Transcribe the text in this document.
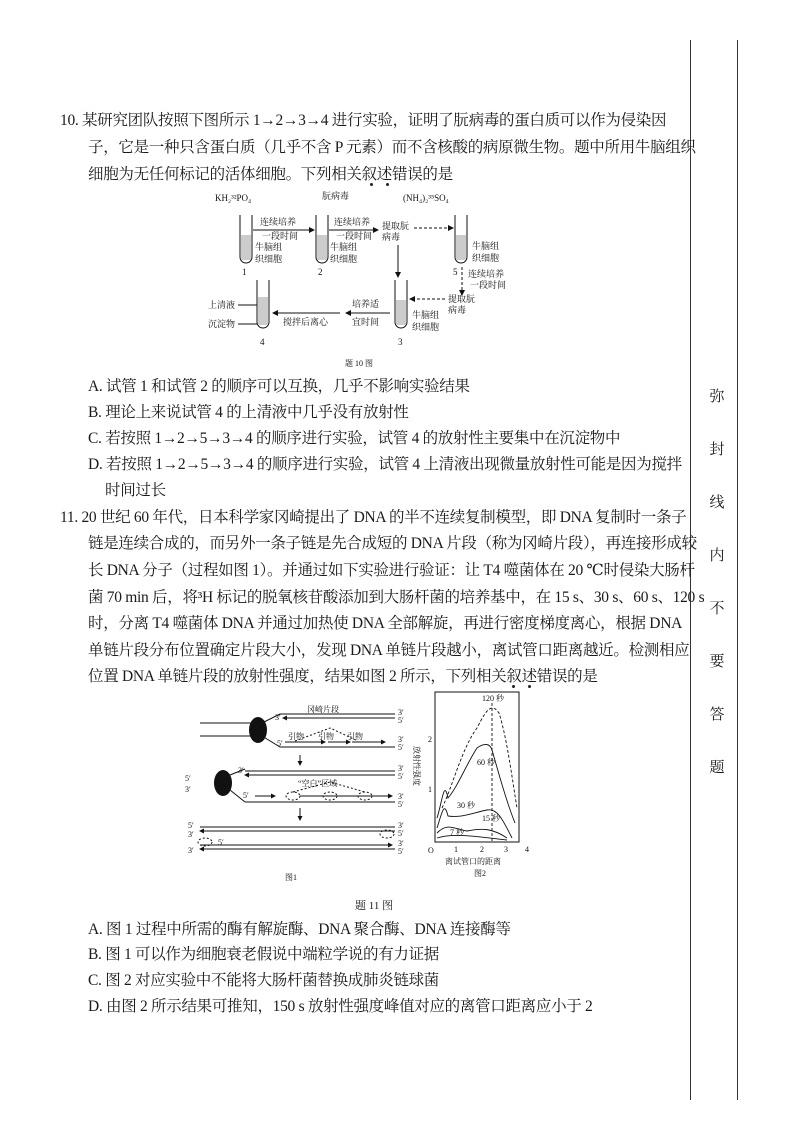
弥
封
线
内
不
要
答
题
10. 某研究团队按照下图所示 1→2→3→4 进行实验，证明了朊病毒的蛋白质可以作为侵染因
子，它是一种只含蛋白质（几乎不含 P 元素）而不含核酸的病原微生物。题中所用牛脑组织
细胞为无任何标记的活体细胞。下列相关叙述错误的是
KH₂³²PO₄	朊病毒	(NH₄)₂³⁵SO₄
1	2	5
4	3
牛脑组
织细胞
牛脑组
织细胞
牛脑组
织细胞
牛脑组
织细胞
连续培养
一段时间
连续培养
一段时间
提取朊
病毒
连续培养
一段时间
提取朊
病毒
培养适
宜时间
搅拌后离心
上清液
沉淀物
题 10 图
A. 试管 1 和试管 2 的顺序可以互换，几乎不影响实验结果
B. 理论上来说试管 4 的上清液中几乎没有放射性
C. 若按照 1→2→5→3→4 的顺序进行实验，试管 4 的放射性主要集中在沉淀物中
D. 若按照 1→2→5→3→4 的顺序进行实验，试管 4 上清液出现微量放射性可能是因为搅拌
时间过长
11. 20 世纪 60 年代，日本科学家冈崎提出了 DNA 的半不连续复制模型，即 DNA 复制时一条子
链是连续合成的，而另外一条子链是先合成短的 DNA 片段（称为冈崎片段），再连接形成较
长 DNA 分子（过程如图 1）。并通过如下实验进行验证：让 T4 噬菌体在 20 ℃时侵染大肠杆
菌 70 min 后，将³H 标记的脱氧核苷酸添加到大肠杆菌的培养基中，在 15 s、30 s、60 s、120 s
时，分离 T4 噬菌体 DNA 并通过加热使 DNA 全部解旋，再进行密度梯度离心，根据 DNA
单链片段分布位置确定片段大小，发现 DNA 单链片段越小，离试管口距离越近。检测相应
位置 DNA 单链片段的放射性强度，结果如图 2 所示，下列相关叙述错误的是
冈崎片段
引物 引物 引物
“空白”区域
3′
5′
3′
5′
3′
5′
3′	3′
5′
5′
3′
5′
3′
5′
3′
5′
5′
3′
5′
3′
3′
5′
图1
120 秒
60 秒
30 秒
15 秒
7 秒
2
1
O	1	2	3 4
离试管口的距离
图2
放射性强度
题 11 图
A. 图 1 过程中所需的酶有解旋酶、DNA 聚合酶、DNA 连接酶等
B. 图 1 可以作为细胞衰老假说中端粒学说的有力证据
C. 图 2 对应实验中不能将大肠杆菌替换成肺炎链球菌
D. 由图 2 所示结果可推知，150 s 放射性强度峰值对应的离管口距离应小于 2
